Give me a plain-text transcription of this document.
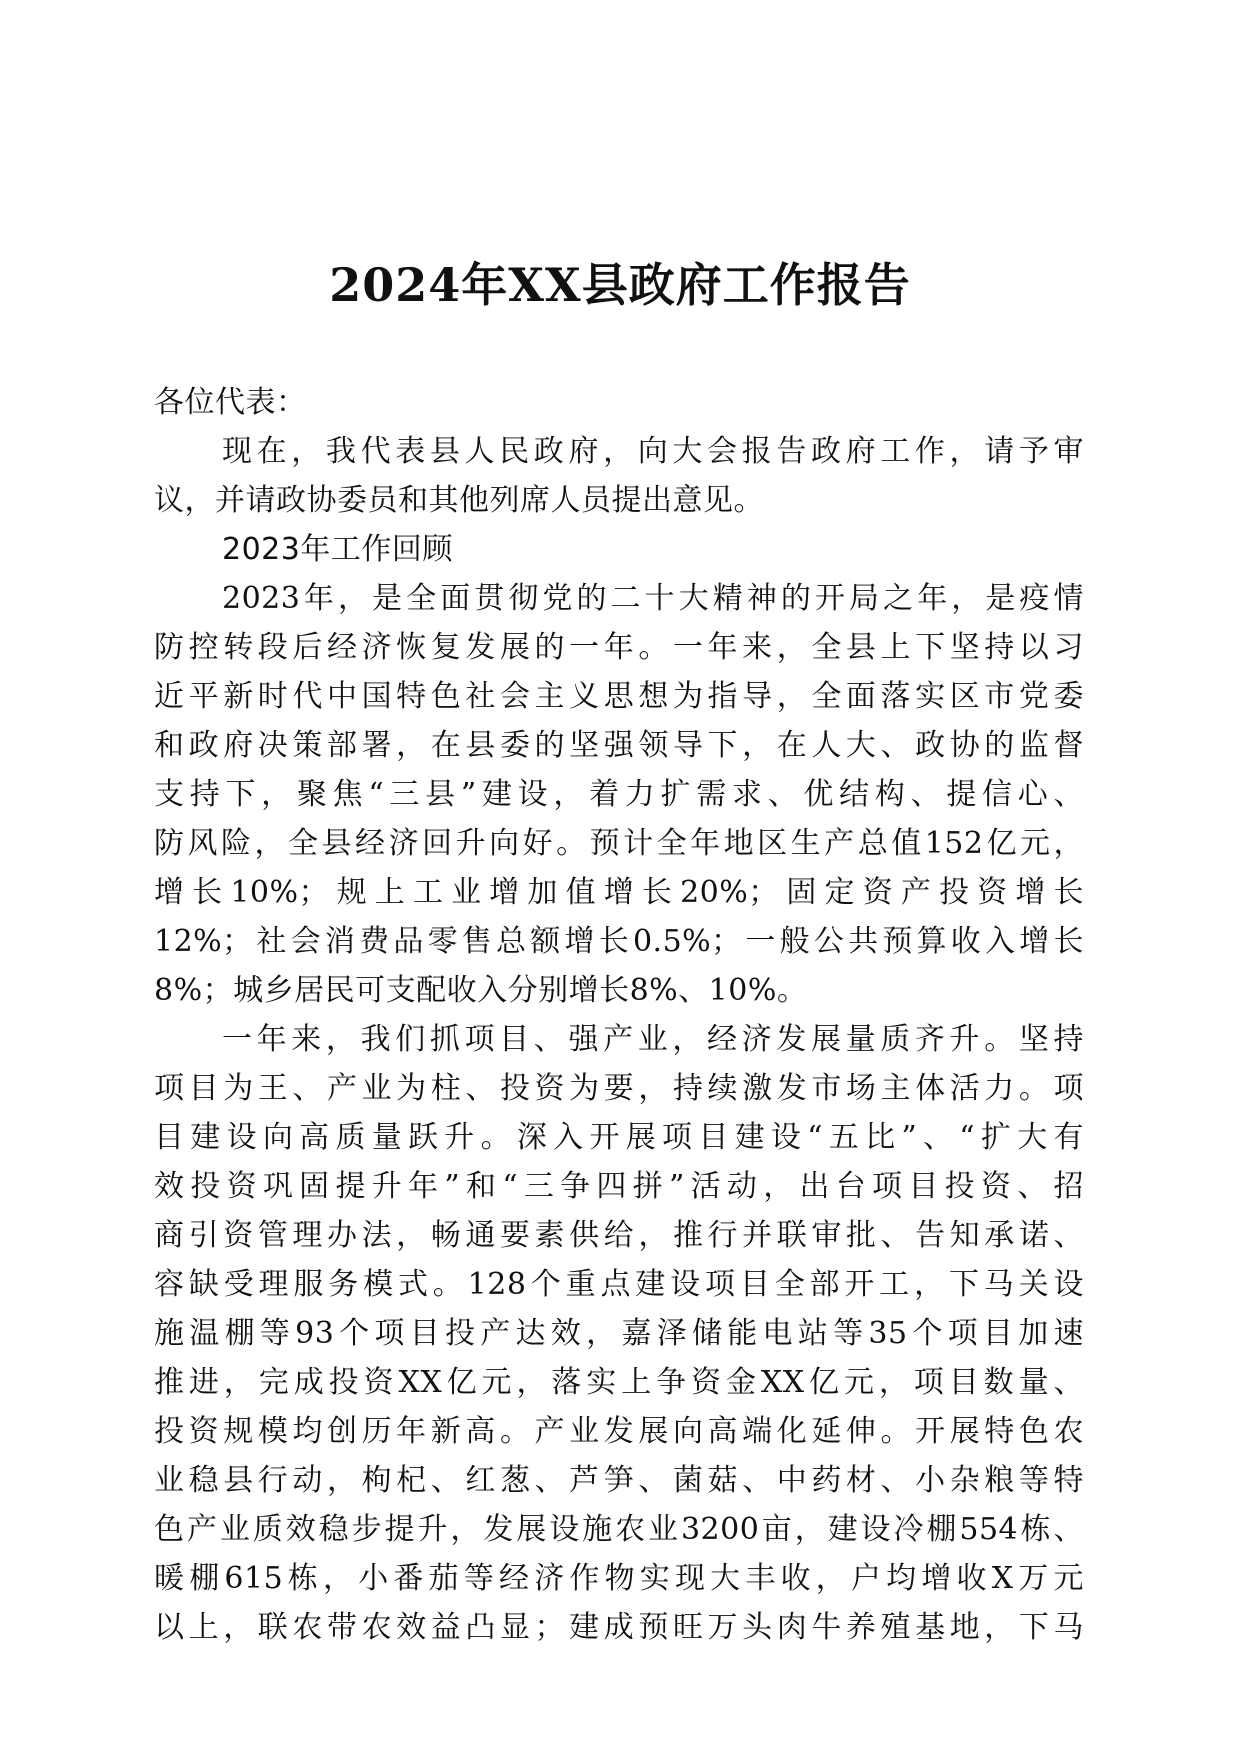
2024年XX县政府工作报告
各位代表：
现在，我代表县人民政府，向大会报告政府工作，请予审
议，并请政协委员和其他列席人员提出意见。
2023年工作回顾
2023年，是全面贯彻党的二十大精神的开局之年，是疫情
防控转段后经济恢复发展的一年。一年来，全县上下坚持以习
近平新时代中国特色社会主义思想为指导，全面落实区市党委
和政府决策部署，在县委的坚强领导下，在人大、政协的监督
支持下，聚焦“三县”建设，着力扩需求、优结构、提信心、
防风险，全县经济回升向好。预计全年地区生产总值152亿元，
增长10%；规上工业增加值增长20%；固定资产投资增长
12%；社会消费品零售总额增长0.5%；一般公共预算收入增长
8%；城乡居民可支配收入分别增长8%、10%。
一年来，我们抓项目、强产业，经济发展量质齐升。坚持
项目为王、产业为柱、投资为要，持续激发市场主体活力。项
目建设向高质量跃升。深入开展项目建设“五比”、“扩大有
效投资巩固提升年”和“三争四拼”活动，出台项目投资、招
商引资管理办法，畅通要素供给，推行并联审批、告知承诺、
容缺受理服务模式。128个重点建设项目全部开工，下马关设
施温棚等93个项目投产达效，嘉泽储能电站等35个项目加速
推进，完成投资XX亿元，落实上争资金XX亿元，项目数量、
投资规模均创历年新高。产业发展向高端化延伸。开展特色农
业稳县行动，枸杞、红葱、芦笋、菌菇、中药材、小杂粮等特
色产业质效稳步提升，发展设施农业3200亩，建设冷棚554栋、
暖棚615栋，小番茄等经济作物实现大丰收，户均增收X万元
以上，联农带农效益凸显；建成预旺万头肉牛养殖基地，下马
